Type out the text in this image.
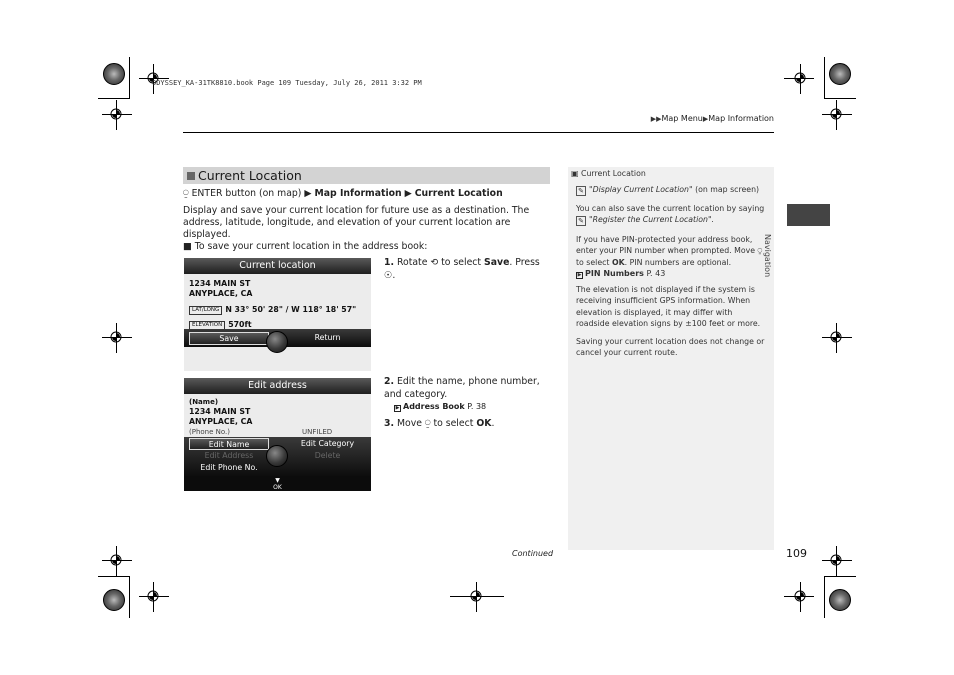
ODYSSEY_KA-31TK8810.book Page 109 Tuesday, July 26, 2011 3:32 PM
▶▶Map Menu▶Map Information
Current Location
⍜ ENTER button (on map) ▶ Map Information ▶ Current Location
Display and save your current location for future use as a destination. The address, latitude, longitude, and elevation of your current location are displayed.
■ To save your current location in the address book:
Current location
1234 MAIN ST
ANYPLACE, CA
LAT/LONG N 33° 50' 28" / W 118° 18' 57"
ELEVATION 570ft
Save	Return
Edit address
(Name)
1234 MAIN ST
ANYPLACE, CA
(Phone No.)	UNFILED
Edit Name	Edit Category
Edit Address	Delete
Edit Phone No.
▼
OK
1. Rotate ⟲ to select Save. Press ☉.
2. Edit the name, phone number, and category.
▶ Address Book P. 38
3. Move ⍜ to select OK.
▣ Current Location
✎ "Display Current Location" (on map screen)
You can also save the current location by saying
✎ "Register the Current Location".
If you have PIN-protected your address book, enter your PIN number when prompted. Move ⍜ to select OK. PIN numbers are optional.
▶ PIN Numbers P. 43
The elevation is not displayed if the system is receiving insufficient GPS information. When elevation is displayed, it may differ with roadside elevation signs by ±100 feet or more.
Saving your current location does not change or cancel your current route.
Navigation
Continued	109
